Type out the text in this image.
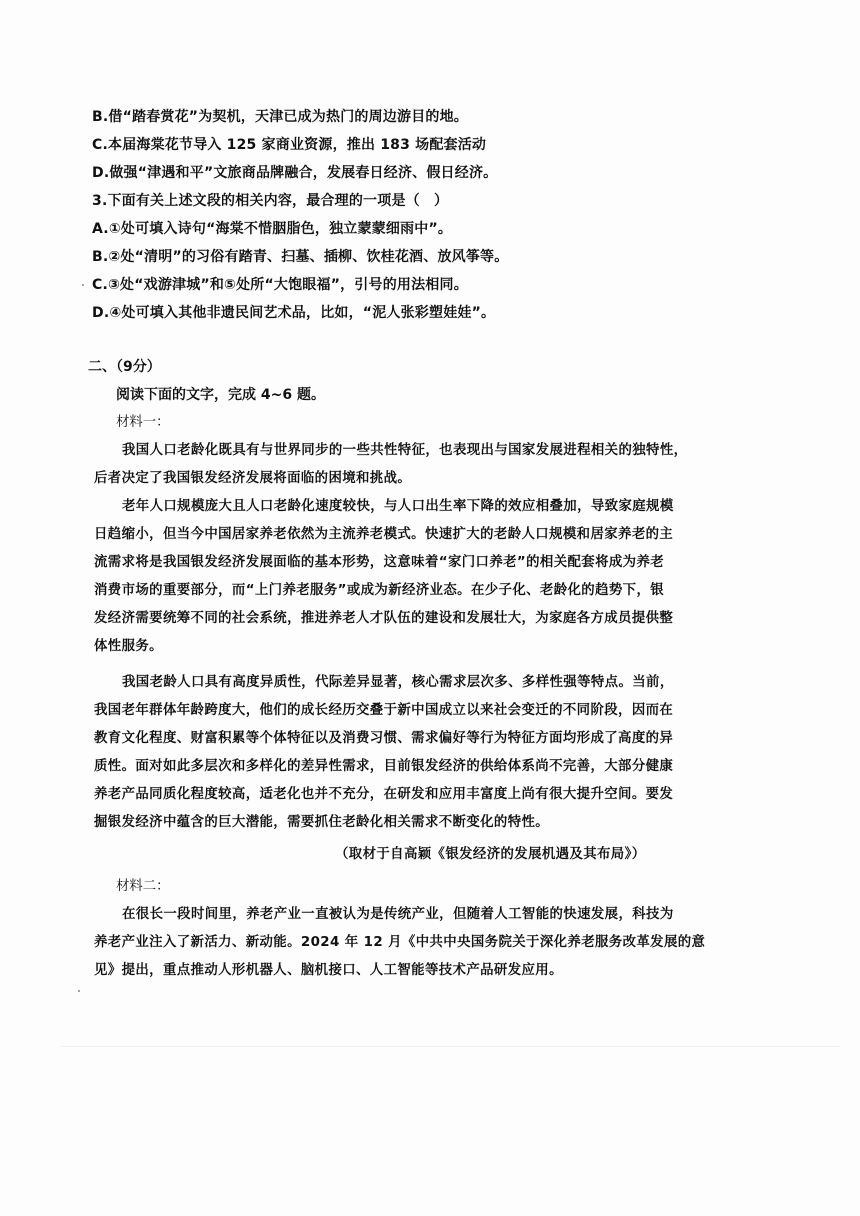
B.借“踏春赏花”为契机，天津已成为热门的周边游目的地。
C.本届海棠花节导入 125 家商业资源，推出 183 场配套活动
D.做强“津遇和平”文旅商品牌融合，发展春日经济、假日经济。
3.下面有关上述文段的相关内容，最合理的一项是（　）
A.①处可填入诗句“海棠不惜胭脂色，独立蒙蒙细雨中”。
B.②处“清明”的习俗有踏青、扫墓、插柳、饮桂花酒、放风筝等。
C.③处“戏游津城”和⑤处所“大饱眼福”，引号的用法相同。
D.④处可填入其他非遗民间艺术品，比如，“泥人张彩塑娃娃”。
二、（9分）
阅读下面的文字，完成 4~6 题。
材料一：
我国人口老龄化既具有与世界同步的一些共性特征，也表现出与国家发展进程相关的独特性，
后者决定了我国银发经济发展将面临的困境和挑战。
老年人口规模庞大且人口老龄化速度较快，与人口出生率下降的效应相叠加，导致家庭规模
日趋缩小，但当今中国居家养老依然为主流养老模式。快速扩大的老龄人口规模和居家养老的主
流需求将是我国银发经济发展面临的基本形势，这意味着“家门口养老”的相关配套将成为养老
消费市场的重要部分，而“上门养老服务”或成为新经济业态。在少子化、老龄化的趋势下，银
发经济需要统筹不同的社会系统，推进养老人才队伍的建设和发展壮大，为家庭各方成员提供整
体性服务。
我国老龄人口具有高度异质性，代际差异显著，核心需求层次多、多样性强等特点。当前，
我国老年群体年龄跨度大，他们的成长经历交叠于新中国成立以来社会变迁的不同阶段，因而在
教育文化程度、财富积累等个体特征以及消费习惯、需求偏好等行为特征方面均形成了高度的异
质性。面对如此多层次和多样化的差异性需求，目前银发经济的供给体系尚不完善，大部分健康
养老产品同质化程度较高，适老化也并不充分，在研发和应用丰富度上尚有很大提升空间。要发
掘银发经济中蕴含的巨大潜能，需要抓住老龄化相关需求不断变化的特性。
（取材于自高颖《银发经济的发展机遇及其布局》）
材料二：
在很长一段时间里，养老产业一直被认为是传统产业，但随着人工智能的快速发展，科技为
养老产业注入了新活力、新动能。2024 年 12 月《中共中央国务院关于深化养老服务改革发展的意
见》提出，重点推动人形机器人、脑机接口、人工智能等技术产品研发应用。
